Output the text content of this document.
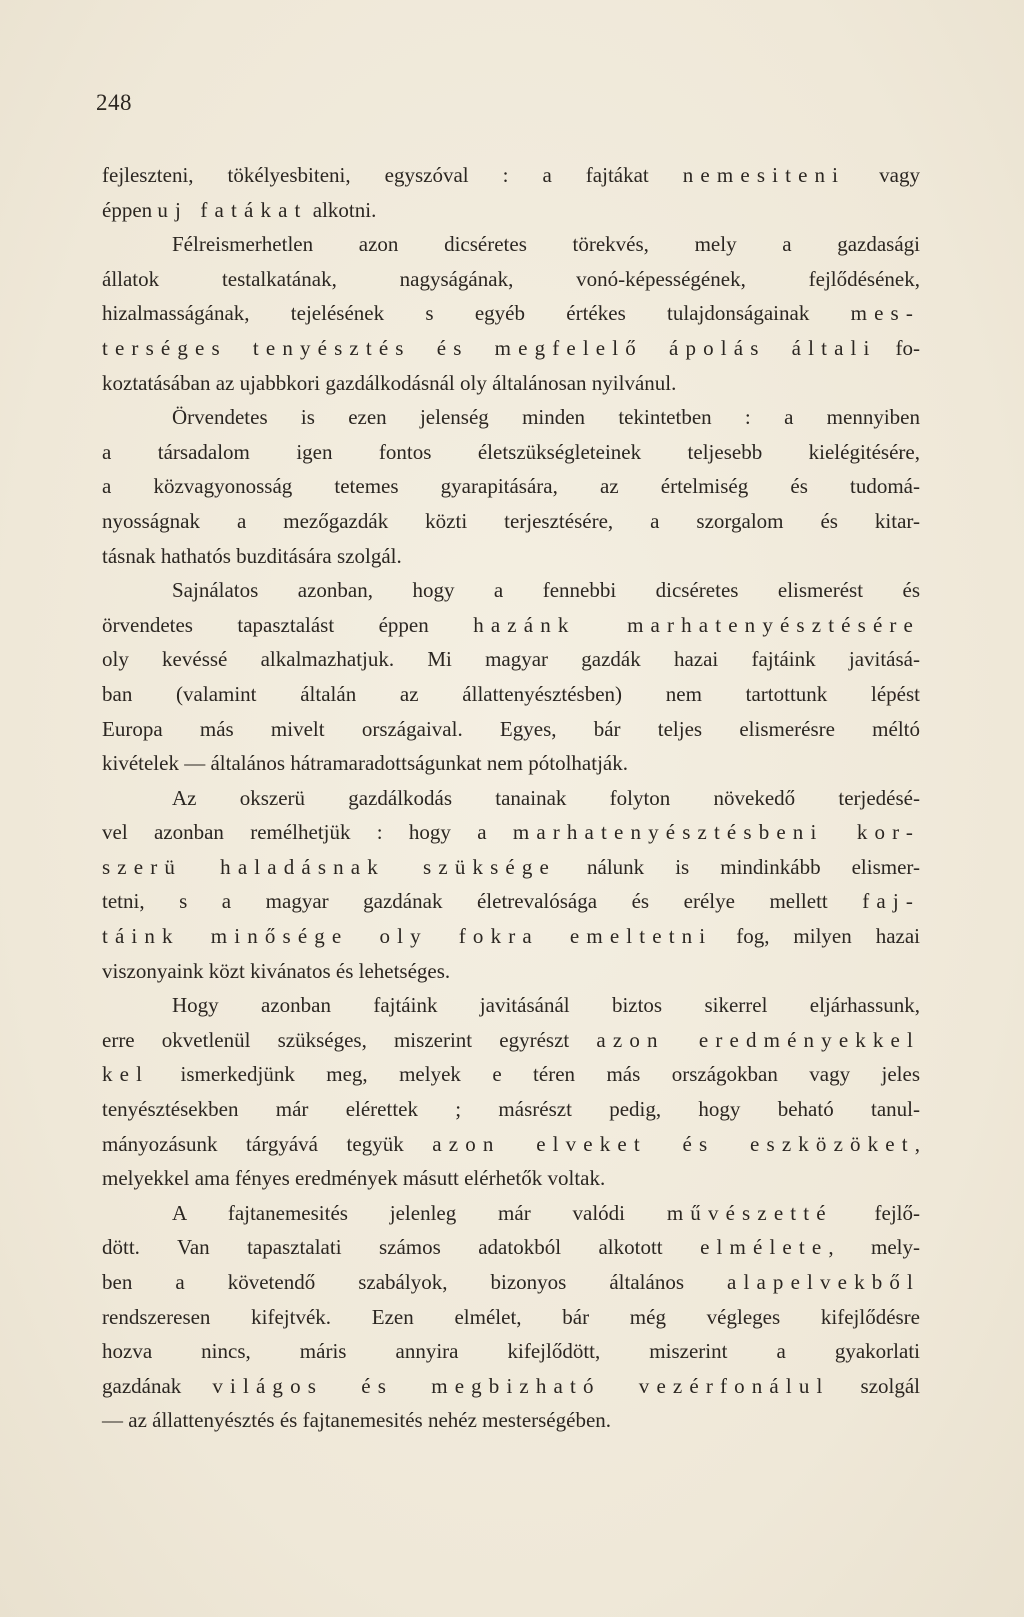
248
fejleszteni, tökélyesbiteni, egyszóval : a fajtákat nemesiteni vagy
éppen uj fatákat alkotni.
Félreismerhetlen azon dicséretes törekvés, mely a gazdasági
állatok testalkatának, nagyságának, vonó-képességének, fejlődésének,
hizalmasságának, tejelésének s egyéb értékes tulajdonságainak mes-
terséges tenyésztés és megfelelő ápolás általi fo-
koztatásában az ujabbkori gazdálkodásnál oly általánosan nyilvánul.
Örvendetes is ezen jelenség minden tekintetben : a mennyiben
a társadalom igen fontos életszükségleteinek teljesebb kielégitésére,
a közvagyonosság tetemes gyarapitására, az értelmiség és tudomá-
nyosságnak a mezőgazdák közti terjesztésére, a szorgalom és kitar-
tásnak hathatós buzditására szolgál.
Sajnálatos azonban, hogy a fennebbi dicséretes elismerést és
örvendetes tapasztalást éppen hazánk marhatenyésztésére
oly kevéssé alkalmazhatjuk. Mi magyar gazdák hazai fajtáink javitásá-
ban (valamint általán az állattenyésztésben) nem tartottunk lépést
Europa más mivelt országaival. Egyes, bár teljes elismerésre méltó
kivételek — általános hátramaradottságunkat nem pótolhatják.
Az okszerü gazdálkodás tanainak folyton növekedő terjedésé-
vel azonban remélhetjük : hogy a marhatenyésztésbeni kor-
szerü haladásnak szüksége nálunk is mindinkább elismer-
tetni, s a magyar gazdának életrevalósága és erélye mellett faj-
táink minősége oly fokra emeltetni fog, milyen hazai
viszonyaink közt kivánatos és lehetséges.
Hogy azonban fajtáink javitásánál biztos sikerrel eljárhassunk,
erre okvetlenül szükséges, miszerint egyrészt azon eredményekkel
kel ismerkedjünk meg, melyek e téren más országokban vagy jeles
tenyésztésekben már elérettek ; másrészt pedig, hogy beható tanul-
mányozásunk tárgyává tegyük azon elveket és eszközöket,
melyekkel ama fényes eredmények másutt elérhetők voltak.
A fajtanemesités jelenleg már valódi művészetté fejlő-
dött. Van tapasztalati számos adatokból alkotott elmélete, mely-
ben a követendő szabályok, bizonyos általános alapelvekből
rendszeresen kifejtvék. Ezen elmélet, bár még végleges kifejlődésre
hozva nincs, máris annyira kifejlődött, miszerint a gyakorlati
gazdának világos és megbizható vezérfonálul szolgál
— az állattenyésztés és fajtanemesités nehéz mesterségében.
